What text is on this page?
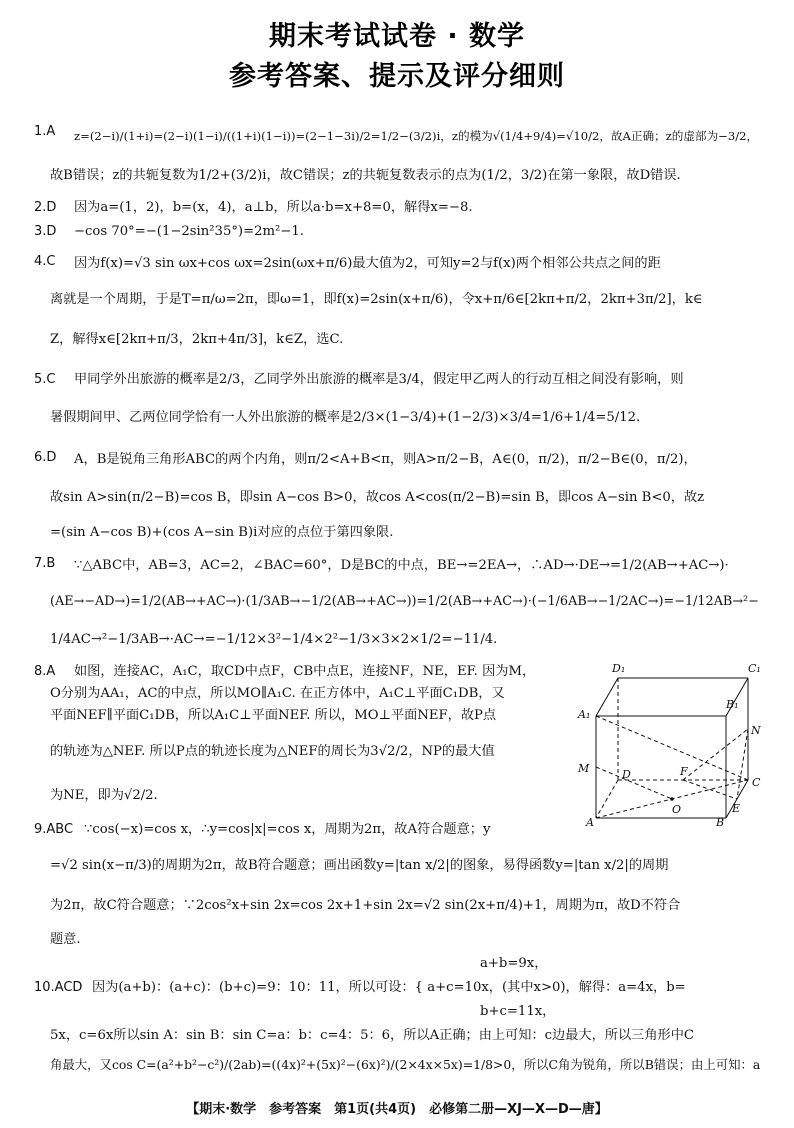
期末考试试卷 · 数学
参考答案、提示及评分细则
1.A z=(2−i)/(1+i)=(2−i)(1−i)/((1+i)(1−i))=(2−1−3i)/2=1/2−(3/2)i，z的模为√(1/4+9/4)=√10/2，故A正确；z的虚部为−3/2，
故B错误；z的共轭复数为1/2+(3/2)i，故C错误；z的共轭复数表示的点为(1/2，3/2)在第一象限，故D错误.
2.D 因为a=(1，2)，b=(x，4)，a⊥b，所以a·b=x+8=0，解得x=−8.
3.D −cos 70°=−(1−2sin²35°)=2m²−1.
4.C 因为f(x)=√3 sin ωx+cos ωx=2sin(ωx+π/6)最大值为2，可知y=2与f(x)两个相邻公共点之间的距
离就是一个周期，于是T=π/ω=2π，即ω=1，即f(x)=2sin(x+π/6)，令x+π/6∈[2kπ+π/2，2kπ+3π/2]，k∈
Z，解得x∈[2kπ+π/3，2kπ+4π/3]，k∈Z，选C.
5.C 甲同学外出旅游的概率是2/3，乙同学外出旅游的概率是3/4，假定甲乙两人的行动互相之间没有影响，则
暑假期间甲、乙两位同学恰有一人外出旅游的概率是2/3×(1−3/4)+(1−2/3)×3/4=1/6+1/4=5/12.
6.D A，B是锐角三角形ABC的两个内角，则π/2<A+B<π，则A>π/2−B，A∈(0，π/2)，π/2−B∈(0，π/2)，
故sin A>sin(π/2−B)=cos B，即sin A−cos B>0，故cos A<cos(π/2−B)=sin B，即cos A−sin B<0，故z
=(sin A−cos B)+(cos A−sin B)i对应的点位于第四象限.
7.B ∵△ABC中，AB=3，AC=2，∠BAC=60°，D是BC的中点，BE→=2EA→，∴AD→·DE→=1/2(AB→+AC→)·
(AE→−AD→)=1/2(AB→+AC→)·(1/3AB→−1/2(AB→+AC→))=1/2(AB→+AC→)·(−1/6AB→−1/2AC→)=−1/12AB→²−
1/4AC→²−1/3AB→·AC→=−1/12×3²−1/4×2²−1/3×3×2×1/2=−11/4.
8.A 如图，连接AC，A₁C，取CD中点F，CB中点E，连接NF，NE，EF. 因为M，
O分别为AA₁，AC的中点，所以MO∥A₁C. 在正方体中，A₁C⊥平面C₁DB，又
平面NEF∥平面C₁DB，所以A₁C⊥平面NEF. 所以，MO⊥平面NEF，故P点
的轨迹为△NEF. 所以P点的轨迹长度为△NEF的周长为3√2/2，NP的最大值
为NE，即为√2/2.
D₁	C₁
B₁
A₁
N
M	D	F
C
O	E
A	B
9.ABC ∵cos(−x)=cos x，∴y=cos|x|=cos x，周期为2π，故A符合题意；y
=√2 sin(x−π/3)的周期为2π，故B符合题意；画出函数y=|tan x/2|的图象，易得函数y=|tan x/2|的周期
为2π，故C符合题意；∵2cos²x+sin 2x=cos 2x+1+sin 2x=√2 sin(2x+π/4)+1，周期为π，故D不符合
题意.
10.ACD
a+b=9x，
因为(a+b)：(a+c)：(b+c)=9：10：11，所以可设：{ a+c=10x，(其中x>0)，解得：a=4x，b=
b+c=11x，
5x，c=6x所以sin A：sin B：sin C=a：b：c=4：5：6，所以A正确；由上可知：c边最大，所以三角形中C
角最大，又cos C=(a²+b²−c²)/(2ab)=((4x)²+(5x)²−(6x)²)/(2×4x×5x)=1/8>0，所以C角为锐角，所以B错误；由上可知：a
【期末·数学　参考答案　第1页(共4页)　必修第二册—XJ—X—D—唐】
